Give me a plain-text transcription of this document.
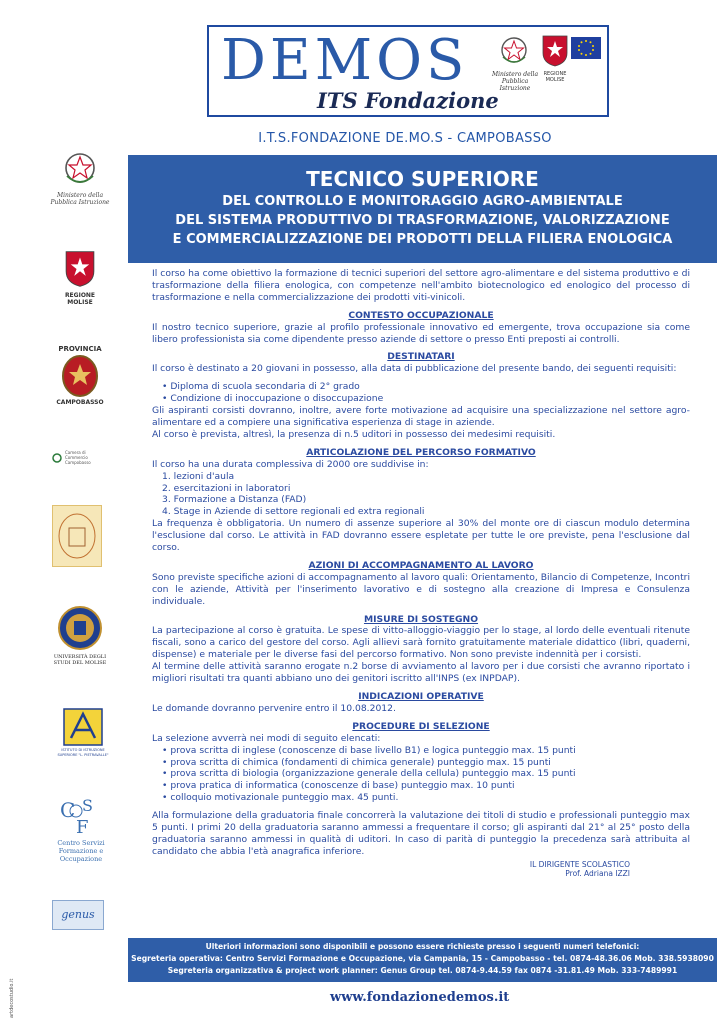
DEMOS
ITS Fondazione
Ministero della Pubblica Istruzione
REGIONE MOLISE
I.T.S.FONDAZIONE DE.MO.S - CAMPOBASSO
TECNICO SUPERIORE
DEL CONTROLLO E MONITORAGGIO AGRO-AMBIENTALE
DEL SISTEMA PRODUTTIVO DI TRASFORMAZIONE, VALORIZZAZIONE
E COMMERCIALIZZAZIONE DEI PRODOTTI DELLA FILIERA ENOLOGICA
Ministero della Pubblica Istruzione
REGIONE MOLISE
PROVINCIA
CAMPOBASSO
Camera di Commercio Campobasso
UNIVERSITÀ DEGLI STUDI DEL MOLISE
ISTITUTO DI ISTRUZIONE SUPERIORE "L. PIETRAVALLE"
C S
F
Centro Servizi Formazione e Occupazione
genus

Il corso ha come obiettivo la formazione di tecnici superiori del settore agro-alimentare e del sistema produttivo e di trasformazione della filiera enologica, con competenze nell'ambito biotecnologico ed enologico del processo di trasformazione e nella commercializzazione dei prodotti viti-vinicoli.

CONTESTO OCCUPAZIONALE

Il nostro tecnico superiore, grazie al profilo professionale innovativo ed emergente, trova occupazione sia come libero professionista sia come dipendente presso aziende di settore o presso Enti preposti ai controlli.

DESTINATARI

Il corso è destinato a 20 giovani in possesso, alla data di pubblicazione del presente bando, dei seguenti requisiti:

• Diploma di scuola secondaria di 2° grado
• Condizione di inoccupazione o disoccupazione

Gli aspiranti corsisti dovranno, inoltre, avere forte motivazione ad acquisire una specializzazione nel settore agro-alimentare ed a compiere una significativa esperienza di stage in aziende.

Al corso è prevista, altresì, la presenza di n.5 uditori in possesso dei medesimi requisiti.

ARTICOLAZIONE DEL PERCORSO FORMATIVO

Il corso ha una durata complessiva di 2000 ore suddivise in:

1. lezioni d'aula
2. esercitazioni in laboratori
3. Formazione a Distanza (FAD)
4. Stage in Aziende di settore regionali ed extra regionali

La frequenza è obbligatoria. Un numero di assenze superiore al 30% del monte ore di ciascun modulo determina l'esclusione dal corso. Le attività in FAD dovranno essere espletate per tutte le ore previste, pena l'esclusione dal corso.

AZIONI DI ACCOMPAGNAMENTO AL LAVORO

Sono previste specifiche azioni di accompagnamento al lavoro quali: Orientamento, Bilancio di Competenze, Incontri con le aziende, Attività per l'inserimento lavorativo e di sostegno alla creazione di Impresa e Consulenza individuale.

MISURE DI SOSTEGNO

La partecipazione al corso è gratuita. Le spese di vitto-alloggio-viaggio per lo stage, al lordo delle eventuali ritenute fiscali, sono a carico del gestore del corso. Agli allievi sarà fornito gratuitamente materiale didattico (libri, quaderni, dispense) e materiale per le diverse fasi del percorso formativo. Non sono previste indennità per i corsisti.

Al termine delle attività saranno erogate n.2 borse di avviamento al lavoro per i due corsisti che avranno riportato i migliori risultati tra quanti abbiano uno dei genitori iscritto all'INPS (ex INPDAP).

INDICAZIONI OPERATIVE

Le domande dovranno pervenire entro il 10.08.2012.

PROCEDURE DI SELEZIONE

La selezione avverrà nei modi di seguito elencati:

• prova scritta di inglese (conoscenze di base livello B1) e logica punteggio max. 15 punti
• prova scritta di chimica (fondamenti di chimica generale) punteggio max. 15 punti
• prova scritta di biologia (organizzazione generale della cellula) punteggio max. 15 punti
• prova pratica di informatica (conoscenze di base) punteggio max. 10 punti
• colloquio motivazionale punteggio max. 45 punti.

Alla formulazione della graduatoria finale concorrerà la valutazione dei titoli di studio e professionali punteggio max 5 punti. I primi 20 della graduatoria saranno ammessi a frequentare il corso; gli aspiranti dal 21° al 25° posto della graduatoria saranno ammessi in qualità di uditori. In caso di parità di punteggio la precedenza sarà attribuita al candidato che abbia l'età anagrafica inferiore.

IL DIRIGENTE SCOLASTICO
Prof. Adriana IZZI
Ulteriori informazioni sono disponibili e possono essere richieste presso i seguenti numeri telefonici:
Segreteria operativa: Centro Servizi Formazione e Occupazione, via Campania, 15 - Campobasso - tel. 0874-48.36.06 Mob. 338.5938090
Segreteria organizzativa & project work planner: Genus Group tel. 0874-9.44.59 fax 0874 -31.81.49 Mob. 333-7489991
www.fondazionedemos.it
artdecostudio.it
